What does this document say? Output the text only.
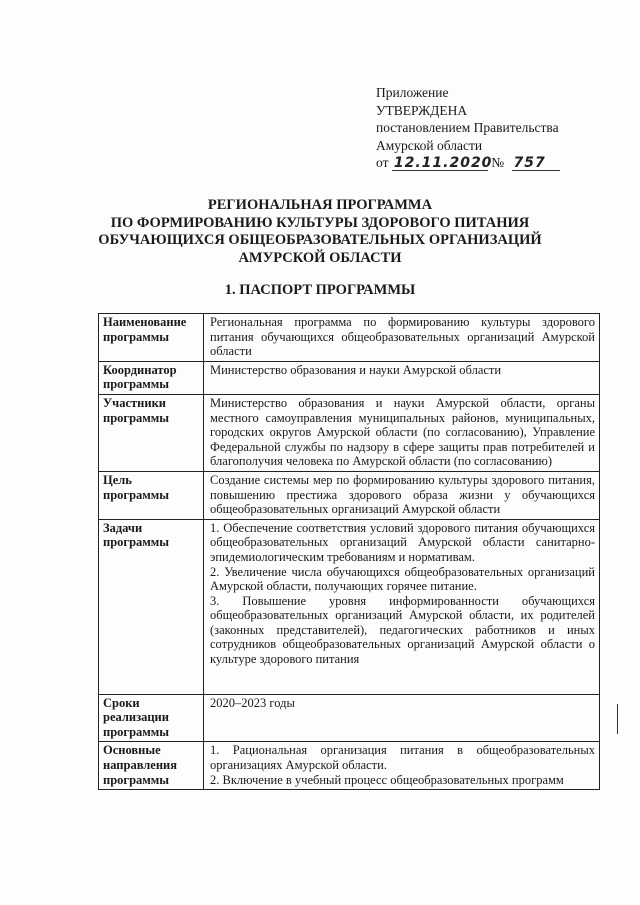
Приложение
УТВЕРЖДЕНА
постановлением Правительства
Амурской области
от 12.11.2020 № 757
РЕГИОНАЛЬНАЯ ПРОГРАММА
ПО ФОРМИРОВАНИЮ КУЛЬТУРЫ ЗДОРОВОГО ПИТАНИЯ
ОБУЧАЮЩИХСЯ ОБЩЕОБРАЗОВАТЕЛЬНЫХ ОРГАНИЗАЦИЙ
АМУРСКОЙ ОБЛАСТИ
1. ПАСПОРТ ПРОГРАММЫ
Наименование программы	Региональная программа по формированию культуры здорового питания обучающихся общеобразовательных организаций Амурской области

Координатор программы	Министерство образования и науки Амурской области

Участники программы	Министерство образования и науки Амурской области, органы местного самоуправления муниципальных районов, муниципальных, городских округов Амурской области (по согласованию), Управление Федеральной службы по надзору в сфере защиты прав потребителей и благополучия человека по Амурской области (по согласованию)

Цель программы	Создание системы мер по формированию культуры здорового питания, повышению престижа здорового образа жизни у обучающихся общеобразовательных организаций Амурской области

Задачи программы	1. Обеспечение соответствия условий здорового питания обучающихся общеобразовательных организаций Амурской области санитарно-эпидемиологическим требованиям и нормативам.

2. Увеличение числа обучающихся общеобразовательных организаций Амурской области, получающих горячее питание.

3. Повышение уровня информированности обучающихся общеобразовательных организаций Амурской области, их родителей (законных представителей), педагогических работников и иных сотрудников общеобразовательных организаций Амурской области о культуре здорового питания

Сроки реализации программы	2020–2023 годы

Основные направления программы	1. Рациональная организация питания в общеобразовательных организациях Амурской области.

2. Включение в учебный процесс общеобразовательных программ
